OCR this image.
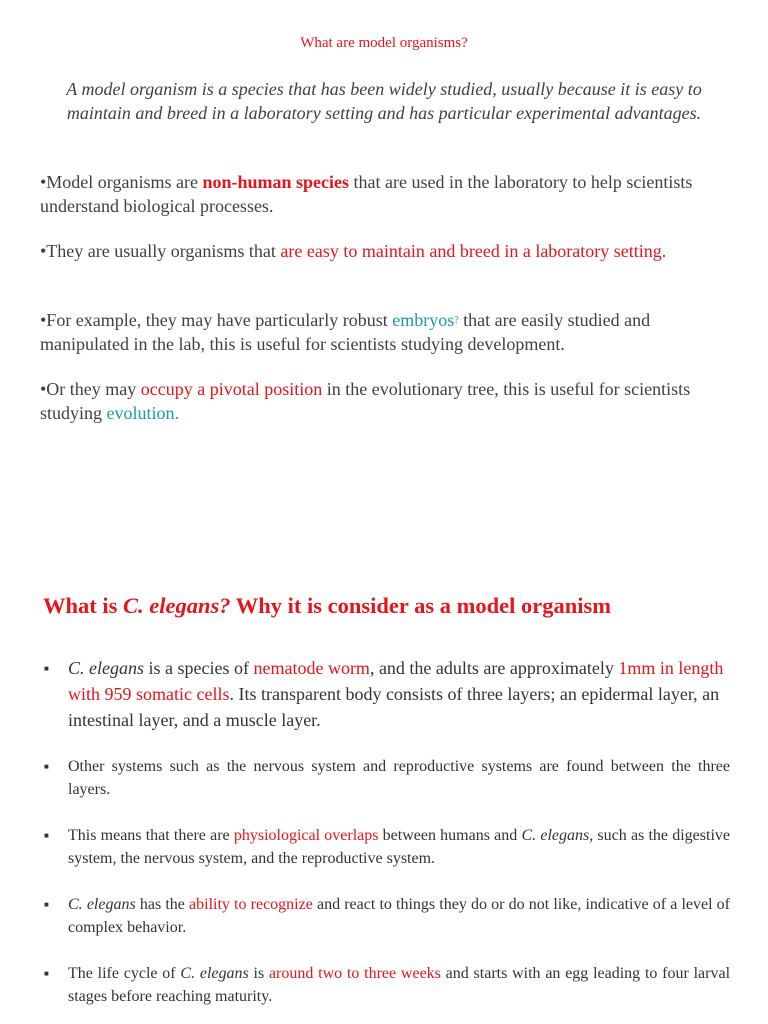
What are model organisms?

A model organism is a species that has been widely studied, usually because it is easy to maintain and breed in a laboratory setting and has particular experimental advantages.

•Model organisms are non-human species that are used in the laboratory to help scientists understand biological processes.

•They are usually organisms that are easy to maintain and breed in a laboratory setting.

•For example, they may have particularly robust embryos? that are easily studied and manipulated in the lab, this is useful for scientists studying development.

•Or they may occupy a pivotal position in the evolutionary tree, this is useful for scientists studying evolution.

What is C. elegans? Why it is consider as a model organism
■ C. elegans is a species of nematode worm, and the adults are approximately 1mm in length with 959 somatic cells. Its transparent body consists of three layers; an epidermal layer, an intestinal layer, and a muscle layer.
■ Other systems such as the nervous system and reproductive systems are found between the three layers.
■ This means that there are physiological overlaps between humans and C. elegans, such as the digestive system, the nervous system, and the reproductive system.
■ C. elegans has the ability to recognize and react to things they do or do not like, indicative of a level of complex behavior.
■ The life cycle of C. elegans is around two to three weeks and starts with an egg leading to four larval stages before reaching maturity.
